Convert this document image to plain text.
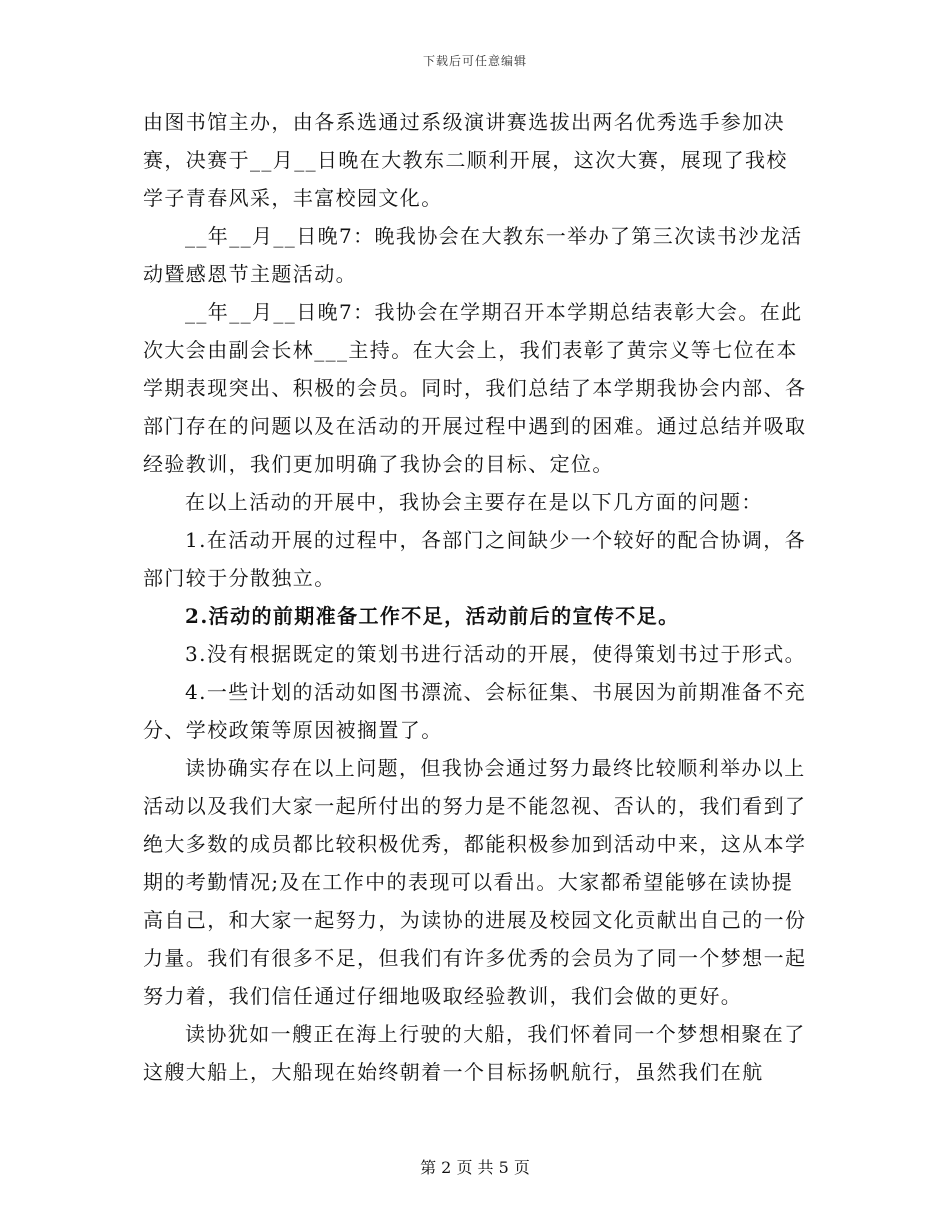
下载后可任意编辑

由图书馆主办，由各系选通过系级演讲赛选拔出两名优秀选手参加决赛，决赛于__月__日晚在大教东二顺利开展，这次大赛，展现了我校学子青春风采，丰富校园文化。

__年__月__日晚7：晚我协会在大教东一举办了第三次读书沙龙活动暨感恩节主题活动。

__年__月__日晚7：我协会在学期召开本学期总结表彰大会。在此次大会由副会长林___主持。在大会上，我们表彰了黄宗义等七位在本学期表现突出、积极的会员。同时，我们总结了本学期我协会内部、各部门存在的问题以及在活动的开展过程中遇到的困难。通过总结并吸取经验教训，我们更加明确了我协会的目标、定位。

在以上活动的开展中，我协会主要存在是以下几方面的问题：

1.在活动开展的过程中，各部门之间缺少一个较好的配合协调，各部门较于分散独立。

2.活动的前期准备工作不足，活动前后的宣传不足。

3.没有根据既定的策划书进行活动的开展，使得策划书过于形式。

4.一些计划的活动如图书漂流、会标征集、书展因为前期准备不充分、学校政策等原因被搁置了。

读协确实存在以上问题，但我协会通过努力最终比较顺利举办以上活动以及我们大家一起所付出的努力是不能忽视、否认的，我们看到了绝大多数的成员都比较积极优秀，都能积极参加到活动中来，这从本学期的考勤情况;及在工作中的表现可以看出。大家都希望能够在读协提高自己，和大家一起努力，为读协的进展及校园文化贡献出自己的一份力量。我们有很多不足，但我们有许多优秀的会员为了同一个梦想一起努力着，我们信任通过仔细地吸取经验教训，我们会做的更好。

读协犹如一艘正在海上行驶的大船，我们怀着同一个梦想相聚在了这艘大船上，大船现在始终朝着一个目标扬帆航行，虽然我们在航

第 2 页 共 5 页
